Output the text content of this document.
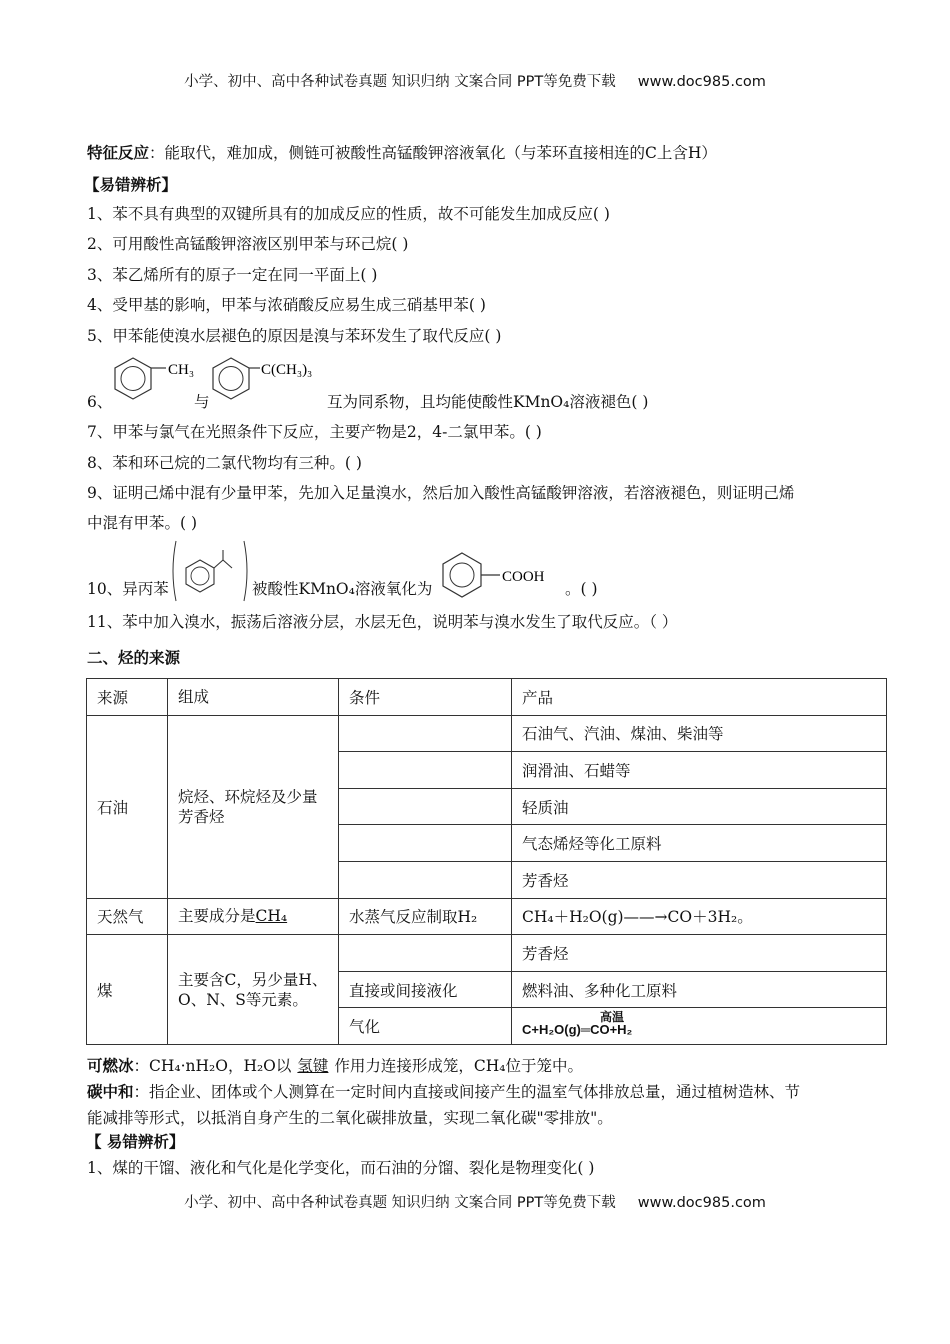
小学、初中、高中各种试卷真题 知识归纳 文案合同 PPT等免费下载 www.doc985.com
特征反应：能取代，难加成，侧链可被酸性高锰酸钾溶液氧化（与苯环直接相连的C上含H）
【易错辨析】
1、苯不具有典型的双键所具有的加成反应的性质，故不可能发生加成反应( )
2、可用酸性高锰酸钾溶液区别甲苯与环己烷( )
3、苯乙烯所有的原子一定在同一平面上( )
4、受甲基的影响，甲苯与浓硝酸反应易生成三硝基甲苯( )
5、甲苯能使溴水层褪色的原因是溴与苯环发生了取代反应( )
CH₃	C(CH₃)₃
6、	与	互为同系物，且均能使酸性KMnO₄溶液褪色( )
7、甲苯与氯气在光照条件下反应，主要产物是2，4-二氯甲苯。( )
8、苯和环己烷的二氯代物均有三种。( )
9、证明己烯中混有少量甲苯，先加入足量溴水，然后加入酸性高锰酸钾溶液，若溶液褪色，则证明己烯
中混有甲苯。( )
10、异丙苯	被酸性KMnO₄溶液氧化为
COOH
。( )
11、苯中加入溴水，振荡后溶液分层，水层无色，说明苯与溴水发生了取代反应。（ ）
二、烃的来源
来源	组成	条件	产品
石油	烷烃、环烷烃及少量芳香烃		石油气、汽油、煤油、柴油等
			润滑油、石蜡等
			轻质油
			气态烯烃等化工原料
			芳香烃
天然气	主要成分是CH₄	水蒸气反应制取H₂	CH₄＋H₂O(g)——→CO＋3H₂。
煤	主要含C，另少量H、O、N、S等元素。		芳香烃
		直接或间接液化	燃料油、多种化工原料
		气化	高温
C+H₂O(g)═CO+H₂
可燃冰：CH₄·nH₂O，H₂O以 氢键 作用力连接形成笼，CH₄位于笼中。
碳中和：指企业、团体或个人测算在一定时间内直接或间接产生的温室气体排放总量，通过植树造林、节
能减排等形式，以抵消自身产生的二氧化碳排放量，实现二氧化碳"零排放"。
【 易错辨析】
1、煤的干馏、液化和气化是化学变化，而石油的分馏、裂化是物理变化( )
小学、初中、高中各种试卷真题 知识归纳 文案合同 PPT等免费下载 www.doc985.com
